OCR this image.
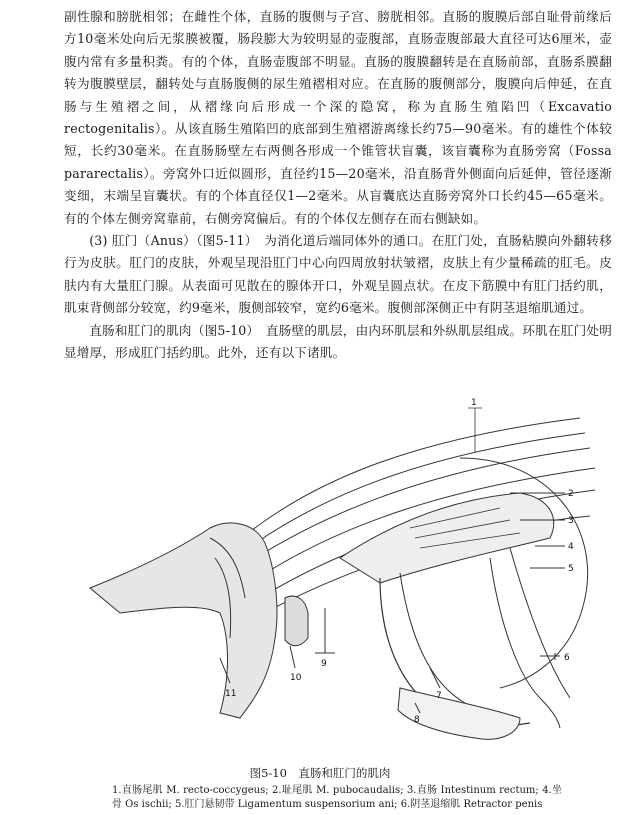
副性腺和膀胱相邻；在雌性个体，直肠的腹侧与子宫、膀胱相邻。直肠的腹膜后部自耻骨前缘后方10毫米处向后无浆膜被覆，肠段膨大为较明显的壶腹部，直肠壶腹部最大直径可达6厘米，壶腹内常有多量积粪。有的个体，直肠壶腹部不明显。直肠的腹膜翻转是在直肠前部，直肠系膜翻转为腹膜壁层，翻转处与直肠腹侧的尿生殖褶相对应。在直肠的腹侧部分，腹膜向后伸延，在直肠与生殖褶之间，从褶缘向后形成一个深的隐窝，称为直肠生殖陷凹（Excavatio rectogenitalis）。从该直肠生殖陷凹的底部到生殖褶游离缘长约75—90毫米。有的雄性个体较短，长约30毫米。在直肠肠壁左右两侧各形成一个锥管状盲囊，该盲囊称为直肠旁窝（Fossa pararectalis）。旁窝外口近似圆形，直径约15—20毫米，沿直肠背外侧面向后延伸，管径逐渐变细，末端呈盲囊状。有的个体直径仅1—2毫米。从盲囊底达直肠旁窝外口长约45—65毫米。有的个体左侧旁窝靠前，右侧旁窝偏后。有的个体仅左侧存在而右侧缺如。

(3) 肛门（Anus）（图5-11）　为消化道后端同体外的通口。在肛门处，直肠粘膜向外翻转移行为皮肤。肛门的皮肤，外观呈现沿肛门中心向四周放射状皱褶，皮肤上有少量稀疏的肛毛。皮肤内有大量肛门腺。从表面可见散在的腺体开口，外观呈圆点状。在皮下筋膜中有肛门括约肌，肌束背侧部分较宽，约9毫米，腹侧部较窄，宽约6毫米。腹侧部深侧正中有阴茎退缩肌通过。

直肠和肛门的肌肉（图5-10）　直肠壁的肌层，由内环肌层和外纵肌层组成。环肌在肛门处明显增厚，形成肛门括约肌。此外，还有以下诸肌。

1
2
3
4
5
6
7
8
9
10
11
图5-10　直肠和肛门的肌肉
1.直肠尾肌 M. recto-coccygeus; 2.耻尾肌 M. pubocaudalis; 3.直肠 Intestinum rectum; 4.坐骨 Os ischii; 5.肛门悬韧带 Ligamentum suspensorium ani; 6.阴茎退缩肌 Retractor penis
